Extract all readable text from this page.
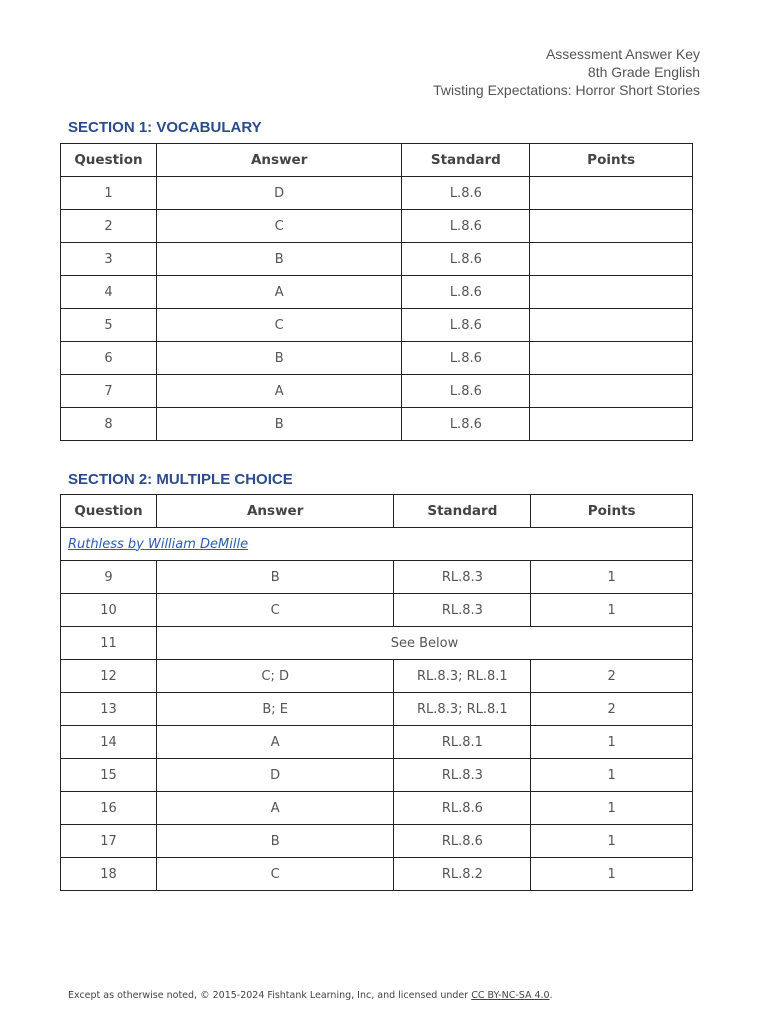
Assessment Answer Key
8th Grade English
Twisting Expectations: Horror Short Stories
SECTION 1: VOCABULARY
Question	Answer	Standard	Points
1	D	L.8.6	
2	C	L.8.6	
3	B	L.8.6	
4	A	L.8.6	
5	C	L.8.6	
6	B	L.8.6	
7	A	L.8.6	
8	B	L.8.6	
SECTION 2: MULTIPLE CHOICE
Question	Answer	Standard	Points
Ruthless by William DeMille			
9	B	RL.8.3	1
10	C	RL.8.3	1
11	See Below		
12	C; D	RL.8.3; RL.8.1	2
13	B; E	RL.8.3; RL.8.1	2
14	A	RL.8.1	1
15	D	RL.8.3	1
16	A	RL.8.6	1
17	B	RL.8.6	1
18	C	RL.8.2	1
Except as otherwise noted, © 2015-2024 Fishtank Learning, Inc, and licensed under CC BY-NC-SA 4.0.
